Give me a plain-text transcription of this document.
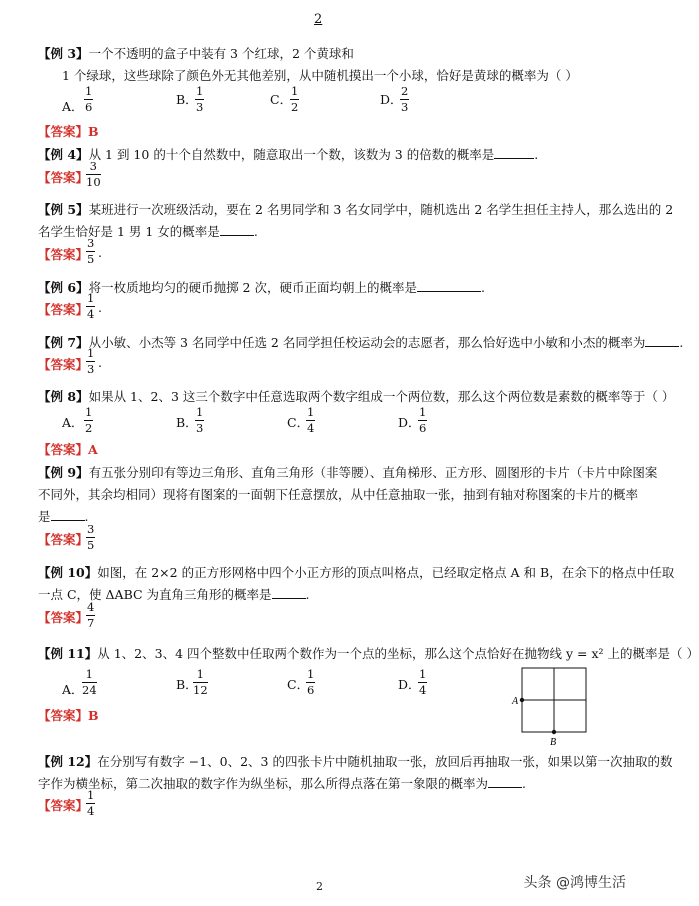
2
【例 3】一个不透明的盒子中装有 3 个红球，2 个黄球和
1 个绿球，这些球除了颜色外无其他差别，从中随机摸出一个小球，恰好是黄球的概率为（ ）
A．
1
6	B．
1
3	C．
1
2	D．
2
3
【答案】B
【例 4】从 1 到 10 的十个自然数中，随意取出一个数，该数为 3 的倍数的概率是	.
【答案】
3
10
【例 5】某班进行一次班级活动，要在 2 名男同学和 3 名女同学中，随机选出 2 名学生担任主持人，那么选出的 2
名学生恰好是 1 男 1 女的概率是	.
【答案】
3
5 .
【例 6】将一枚质地均匀的硬币抛掷 2 次，硬币正面均朝上的概率是	.
【答案】
1
4 .
【例 7】从小敏、小杰等 3 名同学中任选 2 名同学担任校运动会的志愿者，那么恰好选中小敏和小杰的概率为	.
【答案】
1
3 .
【例 8】如果从 1、2、3 这三个数字中任意选取两个数字组成一个两位数，那么这个两位数是素数的概率等于（ ）
A．
1
2	B．
1
3	C．
1
4	D．
1
6
【答案】A
【例 9】有五张分别印有等边三角形、直角三角形（非等腰）、直角梯形、正方形、圆图形的卡片（卡片中除图案
不同外，其余均相同）现将有图案的一面朝下任意摆放，从中任意抽取一张，抽到有轴对称图案的卡片的概率
是	.
【答案】
3
5
【例 10】如图，在 2×2 的正方形网格中四个小正方形的顶点叫格点，已经取定格点 A 和 B，在余下的格点中任取
一点 C，使 ΔABC 为直角三角形的概率是	.
【答案】
4
7
【例 11】从 1、2、3、4 四个整数中任取两个数作为一个点的坐标，那么这个点恰好在抛物线 y = x² 上的概率是（ ）
A．
1
24	B．
1
12	C．
1
6	D．
1
4
【答案】B
A
B
【例 12】在分别写有数字 −1、0、2、3 的四张卡片中随机抽取一张，放回后再抽取一张，如果以第一次抽取的数
字作为横坐标，第二次抽取的数字作为纵坐标，那么所得点落在第一象限的概率为	.
【答案】
1
4
2	头条 @鸿博生活
